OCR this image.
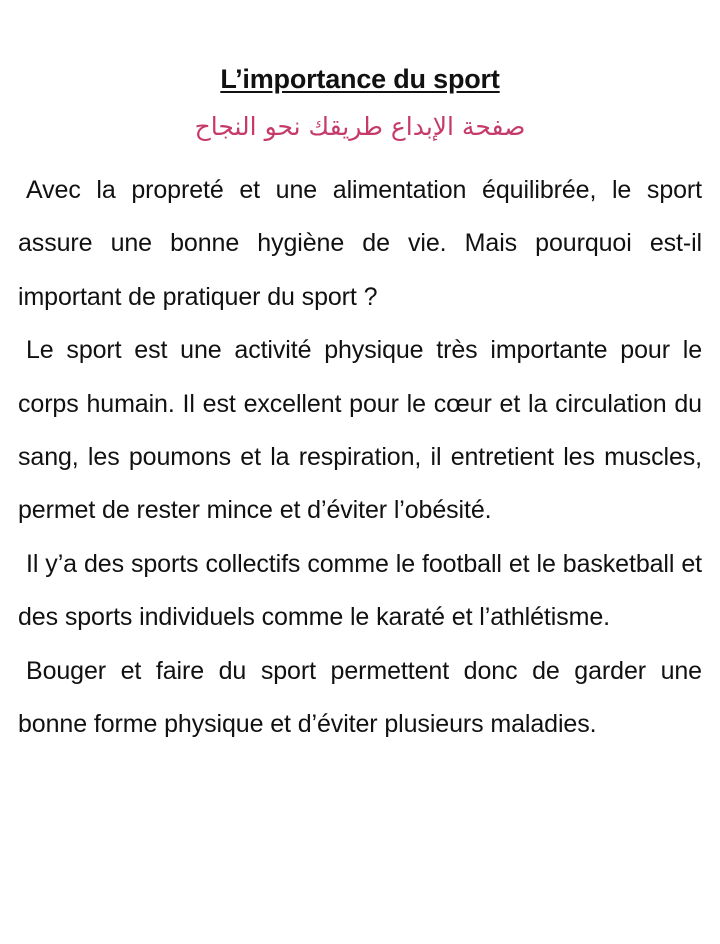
L’importance du sport
صفحة الإبداع طريقك نحو النجاح

Avec la propreté et une alimentation équilibrée, le sport assure une bonne hygiène de vie. Mais pourquoi est-il important de pratiquer du sport ?

Le sport est une activité physique très importante pour le corps humain. Il est excellent pour le cœur et la circulation du sang, les poumons et la respiration, il entretient les muscles, permet de rester mince et d’éviter l’obésité.

Il y’a des sports collectifs comme le football et le basketball et des sports individuels comme le karaté et l’athlétisme.

Bouger et faire du sport permettent donc de garder une bonne forme physique et d’éviter plusieurs maladies.
